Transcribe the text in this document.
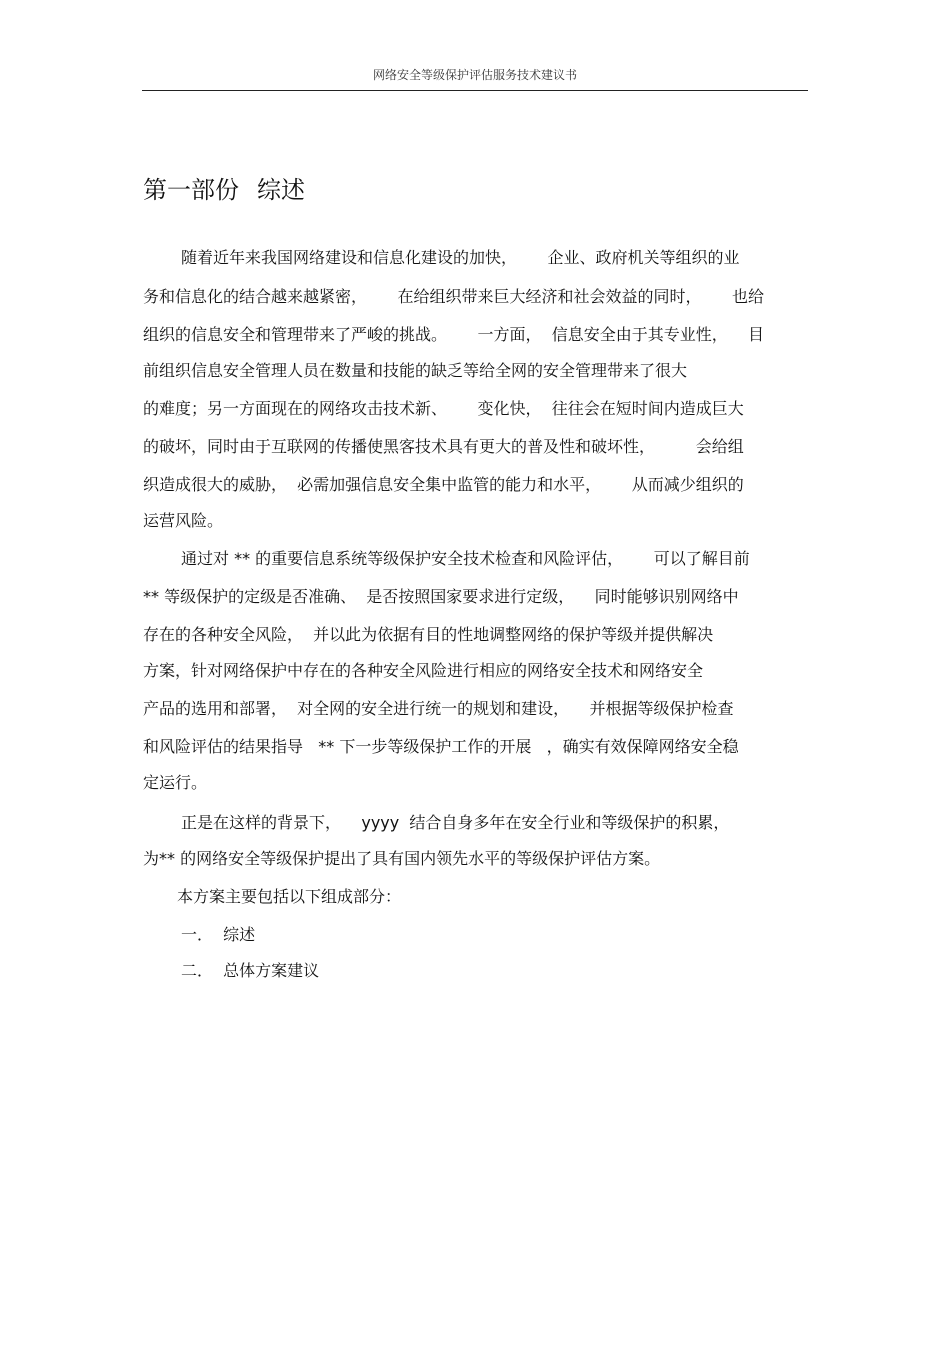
网络安全等级保护评估服务技术建议书
第一部份 综述
随着近年来我国网络建设和信息化建设的加快，      企业、政府机关等组织的业
务和信息化的结合越来越紧密，      在给组织带来巨大经济和社会效益的同时，      也给
组织的信息安全和管理带来了严峻的挑战。      一方面，  信息安全由于其专业性，    目
前组织信息安全管理人员在数量和技能的缺乏等给全网的安全管理带来了很大
的难度；另一方面现在的网络攻击技术新、      变化快，  往往会在短时间内造成巨大
的破坏，同时由于互联网的传播使黑客技术具有更大的普及性和破坏性，        会给组
织造成很大的威胁，  必需加强信息安全集中监管的能力和水平，      从而减少组织的
运营风险。
通过对 ** 的重要信息系统等级保护安全技术检查和风险评估，      可以了解目前
** 等级保护的定级是否准确、  是否按照国家要求进行定级，    同时能够识别网络中
存在的各种安全风险，  并以此为依据有目的性地调整网络的保护等级并提供解决
方案，针对网络保护中存在的各种安全风险进行相应的网络安全技术和网络安全
产品的选用和部署，  对全网的安全进行统一的规划和建设，    并根据等级保护检查
和风险评估的结果指导   ** 下一步等级保护工作的开展   ，确实有效保障网络安全稳
定运行。
正是在这样的背景下，    yyyy  结合自身多年在安全行业和等级保护的积累，
为** 的网络安全等级保护提出了具有国内领先水平的等级保护评估方案。
本方案主要包括以下组成部分：
一．  综述
二．  总体方案建议
